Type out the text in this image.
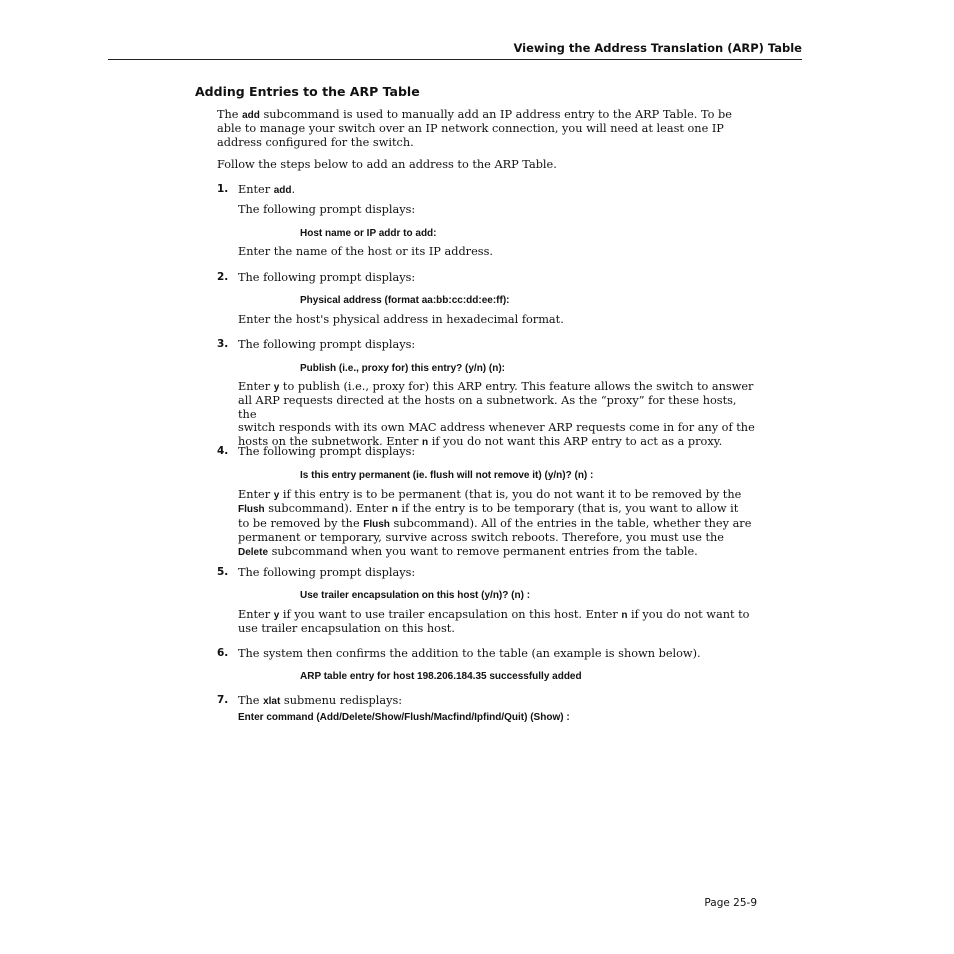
Viewing the Address Translation (ARP) Table
Adding Entries to the ARP Table
The add subcommand is used to manually add an IP address entry to the ARP Table. To be
able to manage your switch over an IP network connection, you will need at least one IP
address configured for the switch.
Follow the steps below to add an address to the ARP Table.
1. Enter add.
The following prompt displays:
Host name or IP addr to add:
Enter the name of the host or its IP address.
2. The following prompt displays:
Physical address (format aa:bb:cc:dd:ee:ff):
Enter the host's physical address in hexadecimal format.
3. The following prompt displays:
Publish (i.e., proxy for) this entry? (y/n) (n):
Enter y to publish (i.e., proxy for) this ARP entry. This feature allows the switch to answer
all ARP requests directed at the hosts on a subnetwork. As the “proxy” for these hosts, the
switch responds with its own MAC address whenever ARP requests come in for any of the
hosts on the subnetwork. Enter n if you do not want this ARP entry to act as a proxy.
4. The following prompt displays:
Is this entry permanent (ie. flush will not remove it) (y/n)? (n) :
Enter y if this entry is to be permanent (that is, you do not want it to be removed by the
Flush subcommand). Enter n if the entry is to be temporary (that is, you want to allow it
to be removed by the Flush subcommand). All of the entries in the table, whether they are
permanent or temporary, survive across switch reboots. Therefore, you must use the
Delete subcommand when you want to remove permanent entries from the table.
5. The following prompt displays:
Use trailer encapsulation on this host (y/n)? (n) :
Enter y if you want to use trailer encapsulation on this host. Enter n if you do not want to
use trailer encapsulation on this host.
6. The system then confirms the addition to the table (an example is shown below).
ARP table entry for host 198.206.184.35 successfully added
7. The xlat submenu redisplays:
Enter command (Add/Delete/Show/Flush/Macfind/Ipfind/Quit) (Show) :
Page 25-9
